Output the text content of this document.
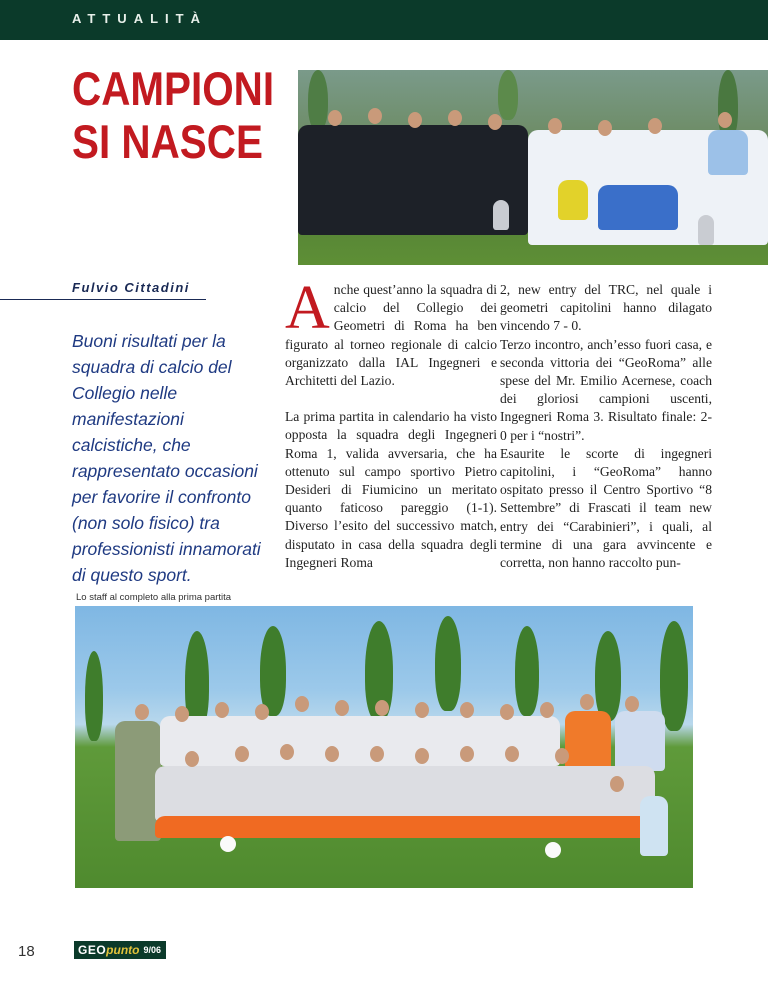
ATTUALITÀ
CAMPIONI
SI NASCE
Fulvio Cittadini
Buoni risultati per la squadra di calcio del Collegio nelle manifestazioni calcistiche, che rappresentato occasioni per favorire il confronto (non solo fisico) tra professionisti innamorati di questo sport.
A nche quest’anno la squadra di calcio del Collegio dei Geometri di Roma ha ben figurato al torneo regionale di calcio organizzato dalla IAL Ingegneri e Architetti del Lazio.
La prima partita in calendario ha visto opposta la squadra degli Ingegneri Roma 1, valida avversaria, che ha ottenuto sul campo sportivo Pietro Desideri di Fiumicino un meritato quanto faticoso pareggio (1-1). Diverso l’esito del successivo match, disputato in casa della squadra degli Ingegneri Roma
2, new entry del TRC, nel quale i geometri capitolini hanno dilagato vincendo 7 - 0.
Terzo incontro, anch’esso fuori casa, e seconda vittoria dei “GeoRoma” alle spese del Mr. Emilio Acernese, coach dei gloriosi campioni uscenti, Ingegneri Roma 3. Risultato finale: 2-0 per i “nostri”.
Esaurite le scorte di ingegneri capitolini, i “GeoRoma” hanno ospitato presso il Centro Sportivo “8 Settembre” di Frascati il team new entry dei “Carabinieri”, i quali, al termine di una gara avvincente e corretta, non hanno raccolto pun-
Lo staff al completo alla prima partita
18	GEO punto 9/06
